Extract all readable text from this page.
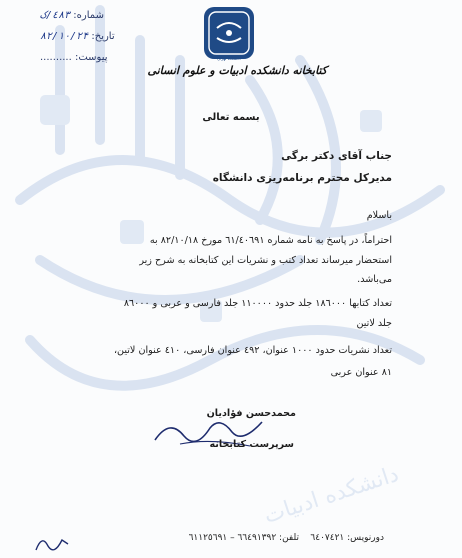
دانشکده ادبیات
شماره: ٤٨٣/ک
تاریخ: ۸۲/۱۰/۲۴
پیوست: ..........	دانشگاه تهران
کتابخانه دانشکده ادبیات و علوم انسانی
بسمه تعالی
جناب آقای دکتر برگی
مدیرکل محترم برنامه‌ریزی دانشگاه
باسلام
احتراماً، در پاسخ به نامه شماره ٦١/٤٠٦٩١ مورخ ۸۲/۱۰/۱۸ به
استحضار میرساند تعداد کتب و نشریات این کتابخانه به شرح زیر
می‌باشد.
تعداد کتابها ۱۸٦۰۰۰ جلد حدود ۱۱۰۰۰۰ جلد فارسی و عربی و ۸٦۰۰۰
جلد لاتین
تعداد نشریات حدود ۱۰۰۰ عنوان، ٤٩٢ عنوان فارسی، ٤١۰ عنوان لاتین،
۸۱ عنوان عربی
محمدحسن فؤادیان
سرپرست کتابخانه
دورنویس: ٦٤۰٧٤٢١    تلفن: ٦٦٤٩١٣٩٢ – ٦١١٢٥٦٩١
